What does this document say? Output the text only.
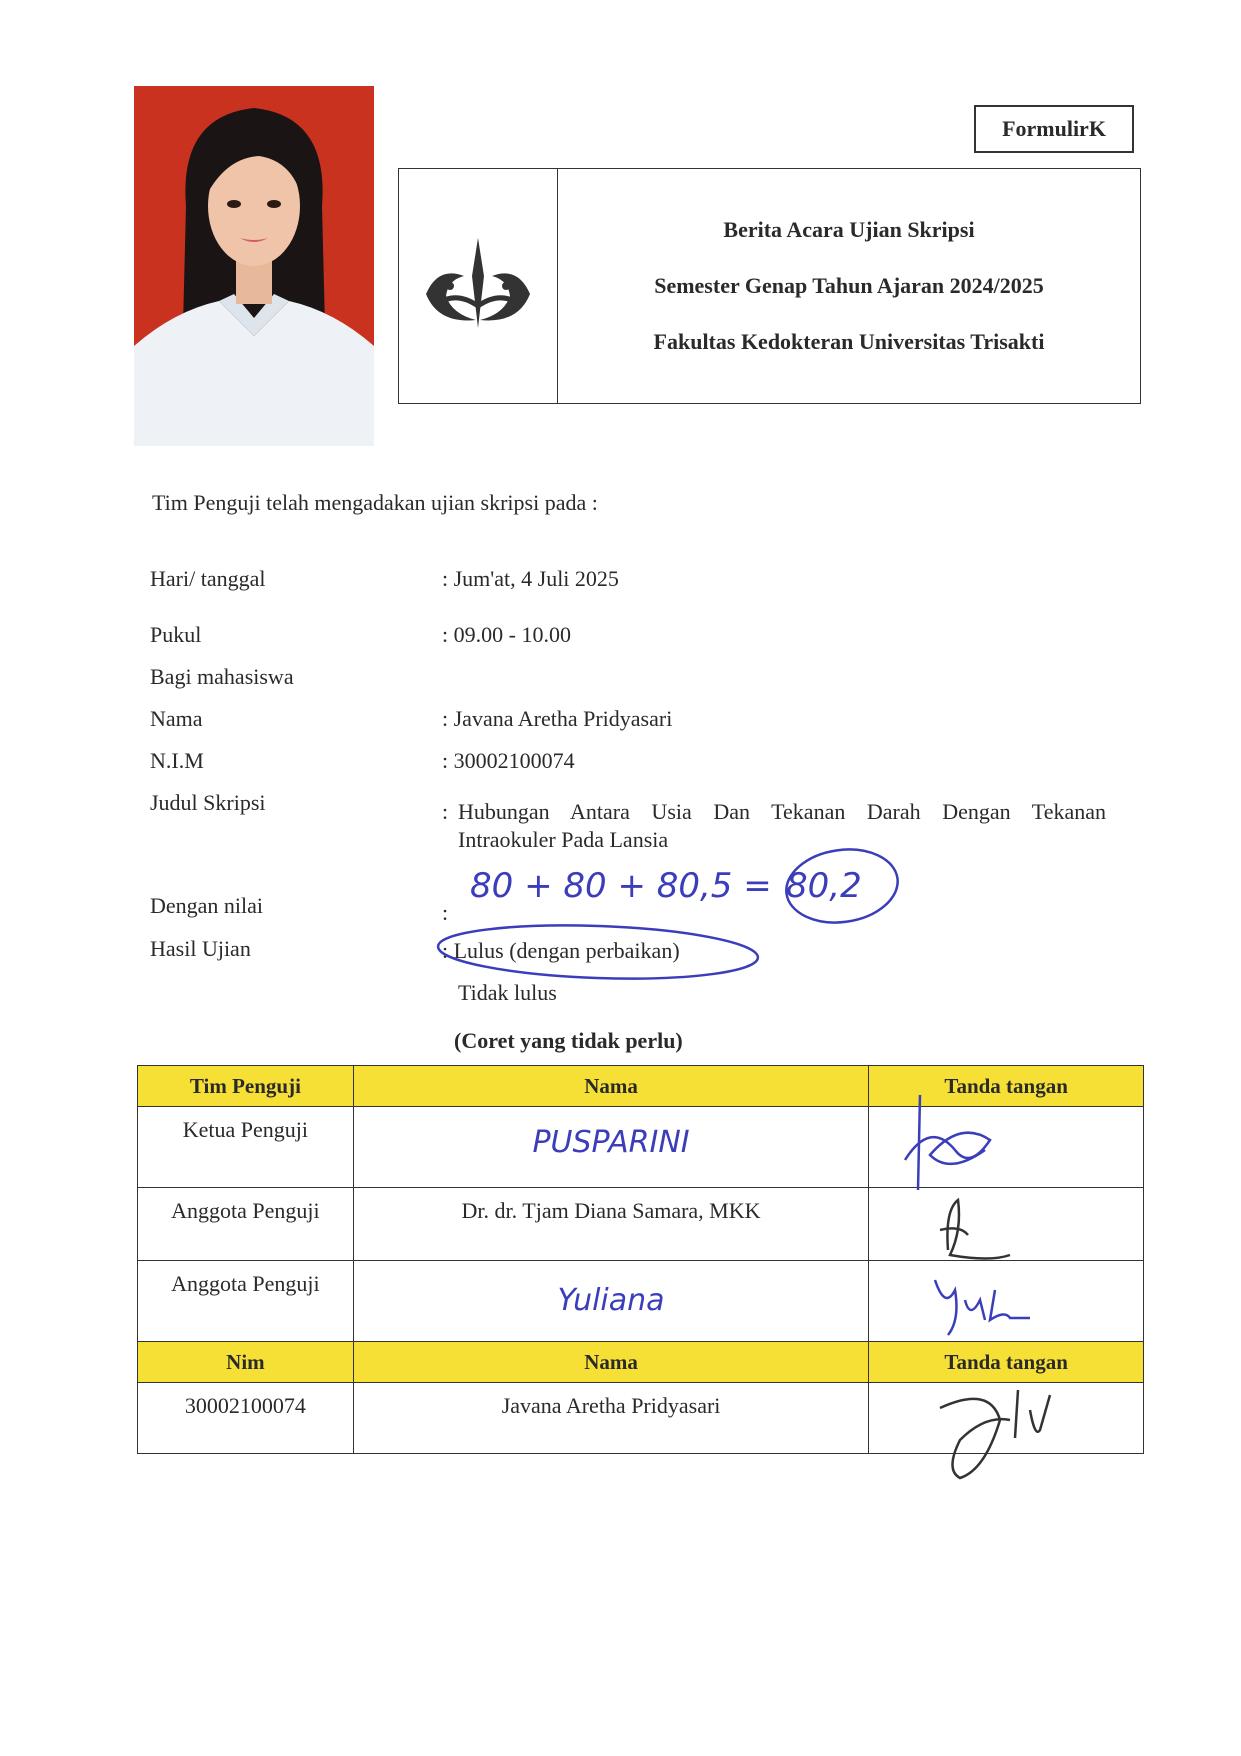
FormulirK
Berita Acara Ujian Skripsi
Semester Genap Tahun Ajaran 2024/2025
Fakultas Kedokteran Universitas Trisakti
Tim Penguji telah mengadakan ujian skripsi pada :
Hari/ tanggal	: Jum'at, 4 Juli 2025
Pukul	: 09.00 - 10.00
Bagi mahasiswa
Nama	: Javana Aretha Pridyasari
N.I.M	: 30002100074
Judul Skripsi	: Hubungan Antara Usia Dan Tekanan Darah Dengan Tekanan
Intraokuler Pada Lansia
Dengan nilai	:
80 + 80 + 80,5 = 80,2
Hasil Ujian	: Lulus (dengan perbaikan)
Tidak lulus
(Coret yang tidak perlu)
Tim Penguji	Nama	Tanda tangan
Ketua Penguji	PUSPARINI	
Anggota Penguji	Dr. dr. Tjam Diana Samara, MKK	
Anggota Penguji	Yuliana	
Nim	Nama	Tanda tangan
30002100074	Javana Aretha Pridyasari	
